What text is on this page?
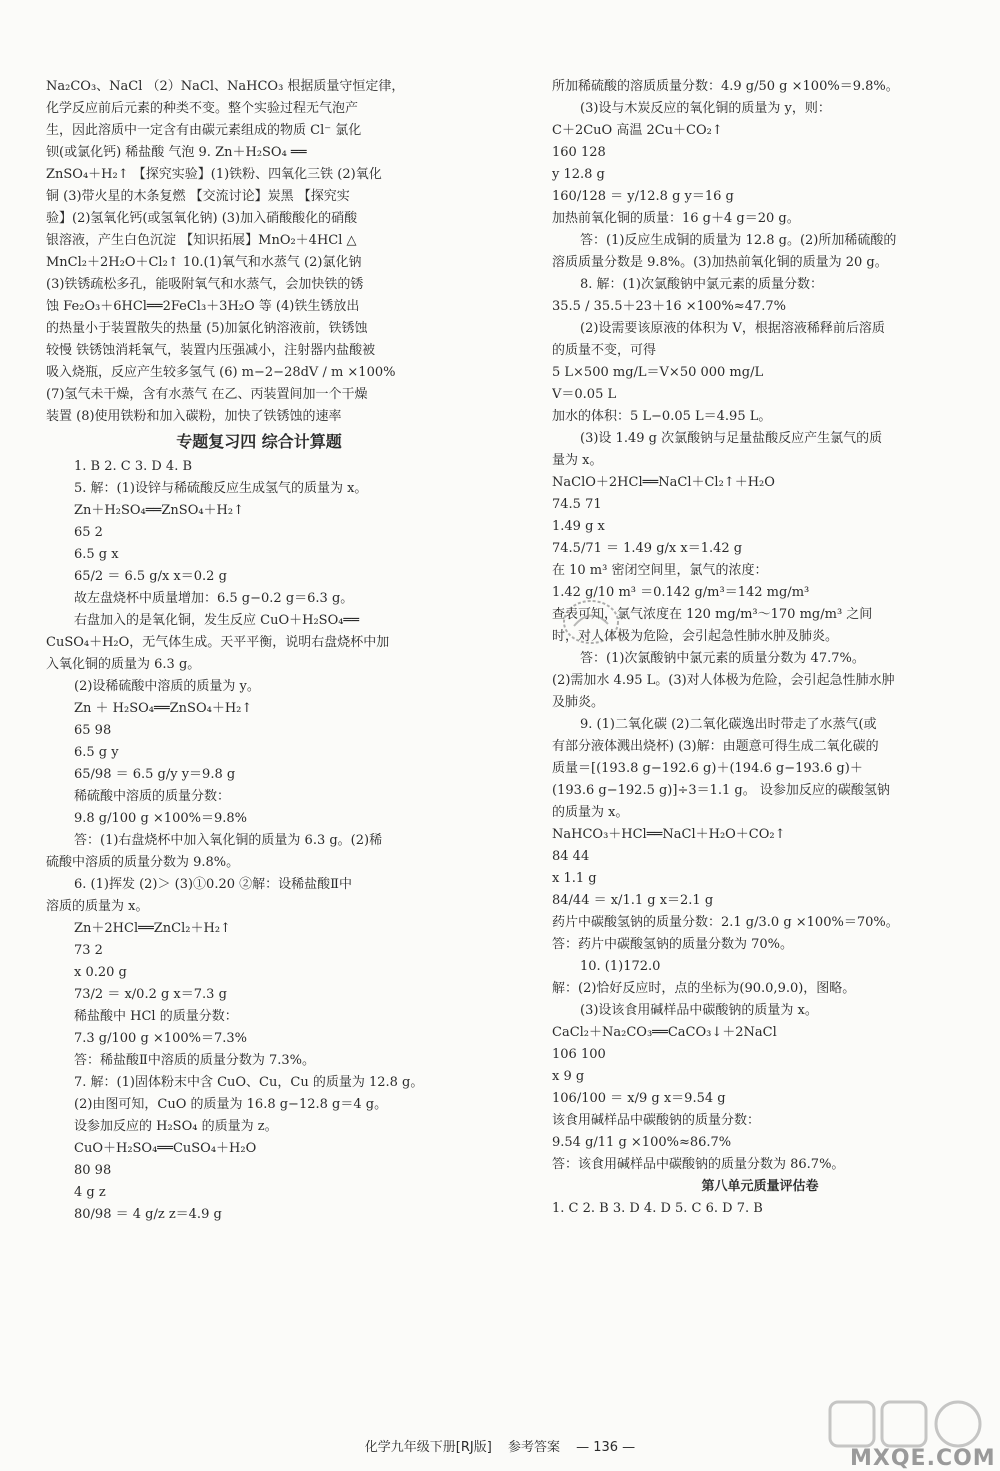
Na₂CO₃、NaCl （2）NaCl、NaHCO₃ 根据质量守恒定律，
化学反应前后元素的种类不变。整个实验过程无气泡产
生，因此溶质中一定含有由碳元素组成的物质 Cl⁻ 氯化
钡(或氯化钙) 稀盐酸 气泡 9. Zn＋H₂SO₄ ══
ZnSO₄＋H₂↑ 【探究实验】(1)铁粉、四氧化三铁 (2)氧化
铜 (3)带火星的木条复燃 【交流讨论】炭黑 【探究实
验】(2)氢氧化钙(或氢氧化钠) (3)加入硝酸酸化的硝酸
银溶液，产生白色沉淀 【知识拓展】MnO₂＋4HCl △
MnCl₂＋2H₂O＋Cl₂↑ 10.(1)氧气和水蒸气 (2)氯化钠
(3)铁锈疏松多孔，能吸附氧气和水蒸气，会加快铁的锈
蚀 Fe₂O₃＋6HCl══2FeCl₃＋3H₂O 等 (4)铁生锈放出
的热量小于装置散失的热量 (5)加氯化钠溶液前，铁锈蚀
较慢 铁锈蚀消耗氧气，装置内压强减小，注射器内盐酸被
吸入烧瓶，反应产生较多氢气 (6) m−2−28dV / m ×100%
(7)氢气未干燥，含有水蒸气 在乙、丙装置间加一个干燥
装置 (8)使用铁粉和加入碳粉，加快了铁锈蚀的速率
专题复习四 综合计算题
1. B 2. C 3. D 4. B
5. 解：(1)设锌与稀硫酸反应生成氢气的质量为 x。
Zn＋H₂SO₄══ZnSO₄＋H₂↑
65 2
6.5 g x
65/2 ＝ 6.5 g/x x＝0.2 g
故左盘烧杯中质量增加：6.5 g−0.2 g＝6.3 g。
右盘加入的是氧化铜，发生反应 CuO＋H₂SO₄══
CuSO₄＋H₂O，无气体生成。天平平衡，说明右盘烧杯中加
入氧化铜的质量为 6.3 g。
(2)设稀硫酸中溶质的质量为 y。
Zn ＋ H₂SO₄══ZnSO₄＋H₂↑
65 98
6.5 g y
65/98 ＝ 6.5 g/y y＝9.8 g
稀硫酸中溶质的质量分数：
9.8 g/100 g ×100%＝9.8%
答：(1)右盘烧杯中加入氧化铜的质量为 6.3 g。(2)稀
硫酸中溶质的质量分数为 9.8%。
6. (1)挥发 (2)＞ (3)①0.20 ②解：设稀盐酸Ⅱ中
溶质的质量为 x。
Zn＋2HCl══ZnCl₂＋H₂↑
73 2
x 0.20 g
73/2 ＝ x/0.2 g x＝7.3 g
稀盐酸中 HCl 的质量分数：
7.3 g/100 g ×100%＝7.3%
答：稀盐酸Ⅱ中溶质的质量分数为 7.3%。
7. 解：(1)固体粉末中含 CuO、Cu，Cu 的质量为 12.8 g。
(2)由图可知，CuO 的质量为 16.8 g−12.8 g＝4 g。
设参加反应的 H₂SO₄ 的质量为 z。
CuO＋H₂SO₄══CuSO₄＋H₂O
80 98
4 g z
80/98 ＝ 4 g/z z＝4.9 g
所加稀硫酸的溶质质量分数：4.9 g/50 g ×100%＝9.8%。
(3)设与木炭反应的氧化铜的质量为 y，则：
C＋2CuO 高温 2Cu＋CO₂↑
160 128
y 12.8 g
160/128 ＝ y/12.8 g y＝16 g
加热前氧化铜的质量：16 g＋4 g＝20 g。
答：(1)反应生成铜的质量为 12.8 g。(2)所加稀硫酸的
溶质质量分数是 9.8%。(3)加热前氧化铜的质量为 20 g。
8. 解：(1)次氯酸钠中氯元素的质量分数：
35.5 / 35.5＋23＋16 ×100%≈47.7%
(2)设需要该原液的体积为 V，根据溶液稀释前后溶质
的质量不变，可得
5 L×500 mg/L＝V×50 000 mg/L
V＝0.05 L
加水的体积：5 L−0.05 L＝4.95 L。
(3)设 1.49 g 次氯酸钠与足量盐酸反应产生氯气的质
量为 x。
NaClO＋2HCl══NaCl＋Cl₂↑＋H₂O
74.5 71
1.49 g x
74.5/71 ＝ 1.49 g/x x＝1.42 g
在 10 m³ 密闭空间里，氯气的浓度：
1.42 g/10 m³ ＝0.142 g/m³＝142 mg/m³
查表可知，氯气浓度在 120 mg/m³～170 mg/m³ 之间
时，对人体极为危险，会引起急性肺水肿及肺炎。
答：(1)次氯酸钠中氯元素的质量分数为 47.7%。
(2)需加水 4.95 L。(3)对人体极为危险，会引起急性肺水肿
及肺炎。
9. (1)二氧化碳 (2)二氧化碳逸出时带走了水蒸气(或
有部分液体溅出烧杯) (3)解：由题意可得生成二氧化碳的
质量＝[(193.8 g−192.6 g)＋(194.6 g−193.6 g)＋
(193.6 g−192.5 g)]÷3＝1.1 g。 设参加反应的碳酸氢钠
的质量为 x。
NaHCO₃＋HCl══NaCl＋H₂O＋CO₂↑
84 44
x 1.1 g
84/44 ＝ x/1.1 g x＝2.1 g
药片中碳酸氢钠的质量分数：2.1 g/3.0 g ×100%＝70%。
答：药片中碳酸氢钠的质量分数为 70%。
10. (1)172.0
解：(2)恰好反应时，点的坐标为(90.0,9.0)，图略。
(3)设该食用碱样品中碳酸钠的质量为 x。
CaCl₂＋Na₂CO₃══CaCO₃↓＋2NaCl
106 100
x 9 g
106/100 ＝ x/9 g x＝9.54 g
该食用碱样品中碳酸钠的质量分数：
9.54 g/11 g ×100%≈86.7%
答：该食用碱样品中碳酸钠的质量分数为 86.7%。
第八单元质量评估卷
1. C 2. B 3. D 4. D 5. C 6. D 7. B
MXQE.COM
化学九年级下册[RJ版] 参考答案 — 136 —
